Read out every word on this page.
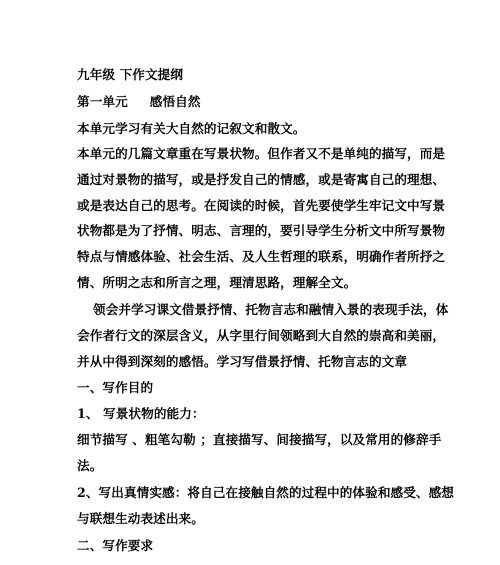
九年级 下作文提纲
第一单元 感悟自然
本单元学习有关大自然的记叙文和散文。
本单元的几篇文章重在写景状物。但作者又不是单纯的描写，而是
通过对景物的描写，或是抒发自己的情感，或是寄寓自己的理想、
或是表达自己的思考。在阅读的时候，首先要使学生牢记文中写景
状物都是为了抒情、明志、言理的，要引导学生分析文中所写景物
特点与情感体验、社会生活、及人生哲理的联系，明确作者所抒之
情、所明之志和所言之理，理清思路，理解全文。
领会并学习课文借景抒情、托物言志和融情入景的表现手法，体
会作者行文的深层含义，从字里行间领略到大自然的崇高和美丽，
并从中得到深刻的感悟。学习写借景抒情、托物言志的文章
一、写作目的
1、 写景状物的能力：
细节描写 、粗笔勾勒 ；直接描写、间接描写，以及常用的修辞手
法。
2、写出真情实感：将自己在接触自然的过程中的体验和感受、感想
与联想生动表述出来。
二、写作要求
